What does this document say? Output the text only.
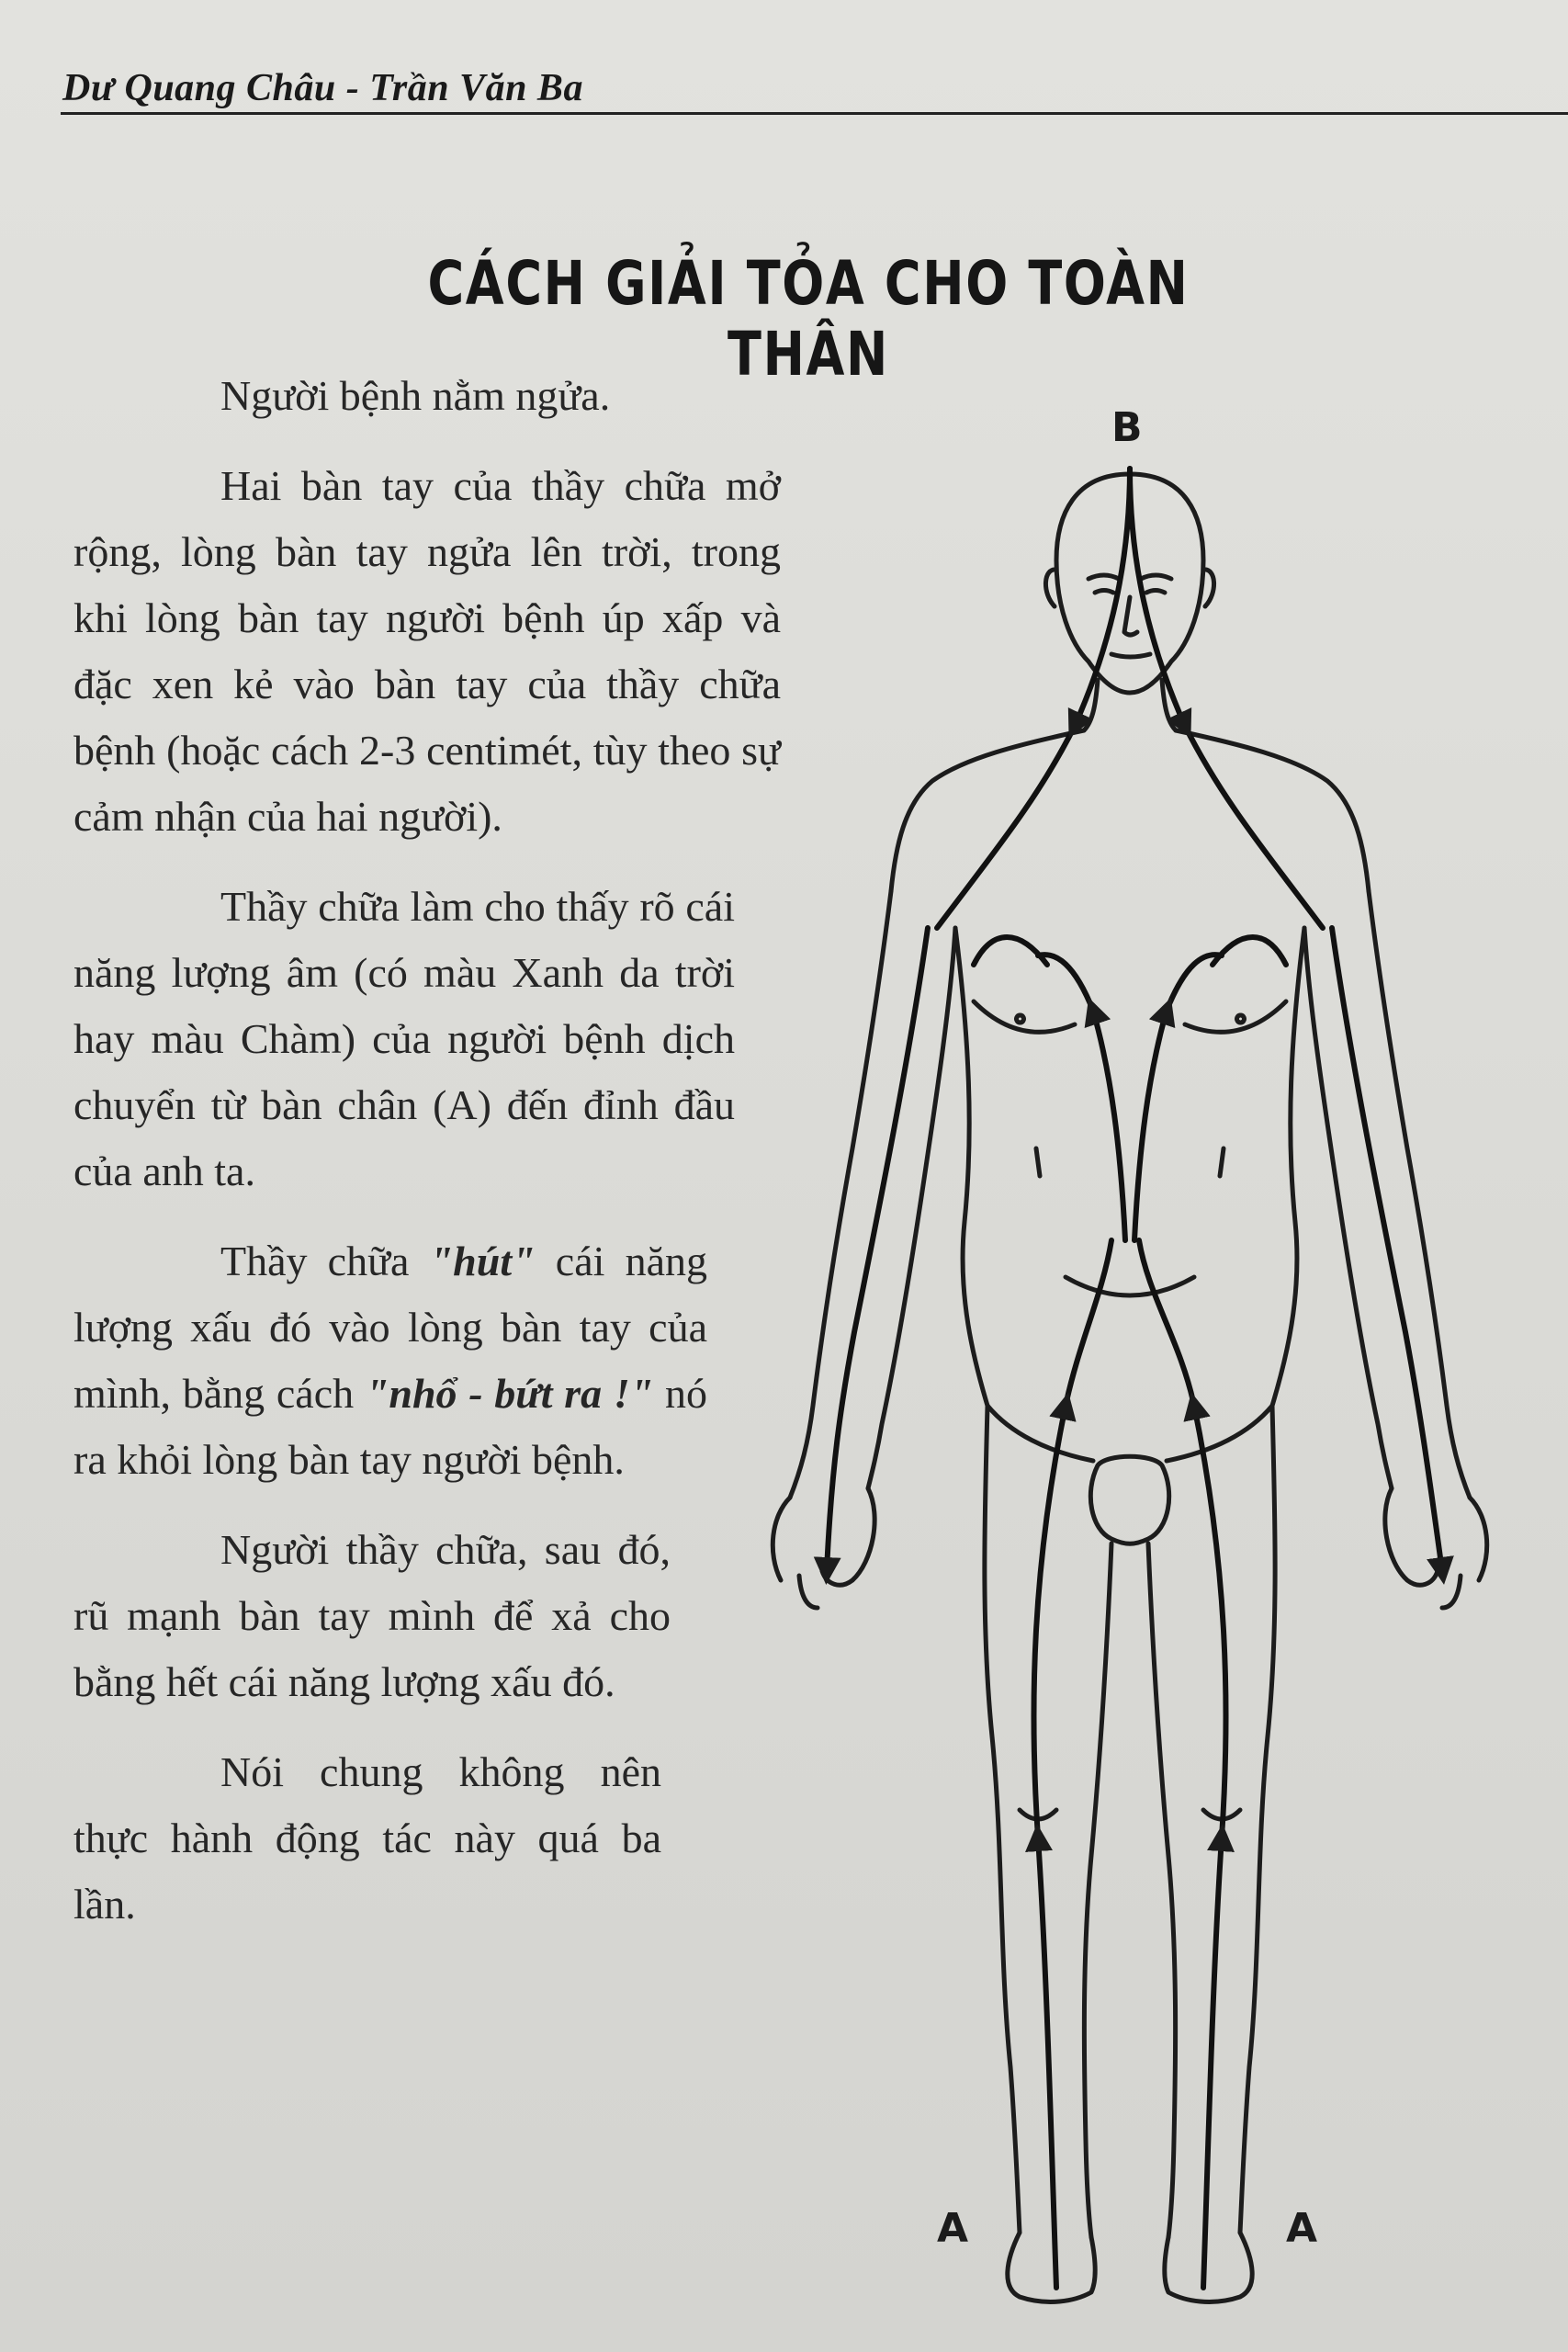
Dư Quang Châu - Trần Văn Ba
CÁCH GIẢI TỎA CHO TOÀN THÂN

Người bệnh nằm ngửa.

Hai bàn tay của thầy chữa mở rộng, lòng bàn tay ngửa lên trời, trong khi lòng bàn tay người bệnh úp xấp và đặc xen kẻ vào bàn tay của thầy chữa bệnh (hoặc cách 2-3 centimét, tùy theo sự cảm nhận của hai người).

Thầy chữa làm cho thấy rõ cái năng lượng âm (có màu Xanh da trời hay màu Chàm) của người bệnh dịch chuyển từ bàn chân (A) đến đỉnh đầu của anh ta.

Thầy chữa "hút" cái năng lượng xấu đó vào lòng bàn tay của mình, bằng cách "nhổ - bứt ra !" nó ra khỏi lòng bàn tay người bệnh.

Người thầy chữa, sau đó, rũ mạnh bàn tay mình để xả cho bằng hết cái năng lượng xấu đó.

Nói chung không nên thực hành động tác này quá ba lần.

B
A	A
